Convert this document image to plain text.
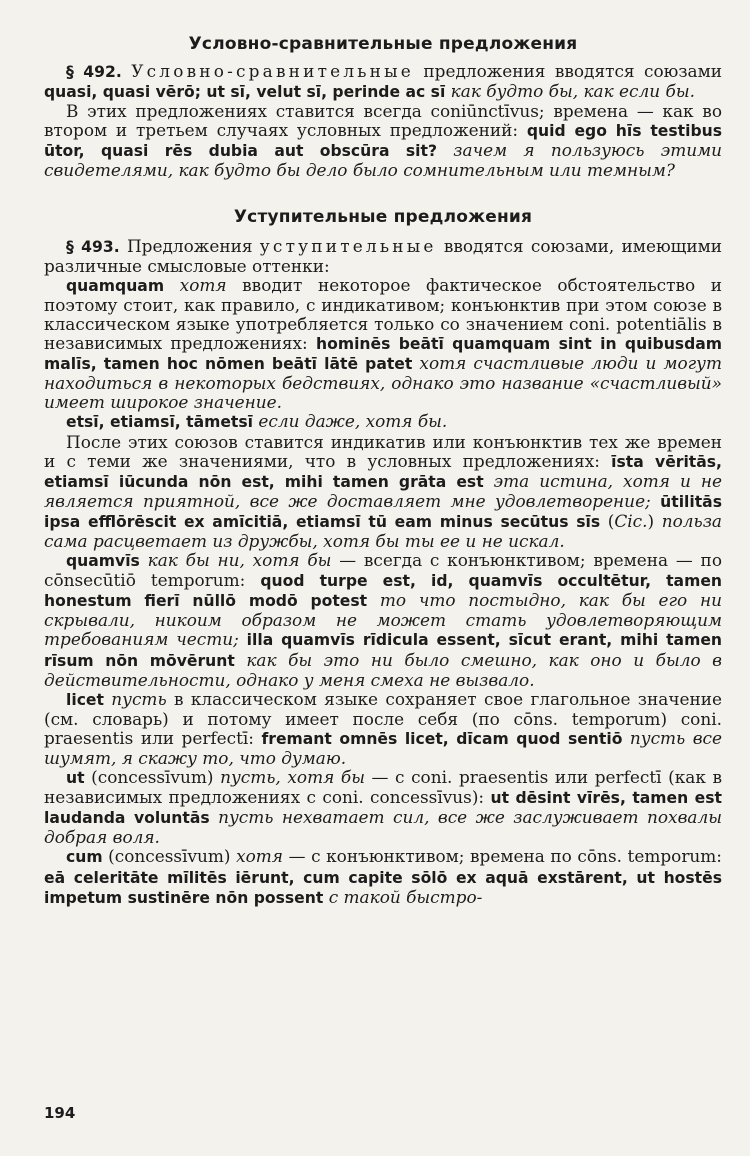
Условно-сравнительные предложения

§ 492. Условно-сравнительные предложения вводятся союзами quasi, quasi vērō; ut sī, velut sī, perinde ac sī как будто бы, как если бы.

В этих предложениях ставится всегда coniūnctīvus; времена — как во втором и третьем случаях условных предложений: quid ego hīs testibus ūtor, quasi rēs dubia aut obscūra sit? зачем я пользуюсь этими свидетелями, как будто бы дело было сомнительным или темным?

Уступительные предложения

§ 493. Предложения уступительные вводятся союзами, имеющими различные смысловые оттенки:

quamquam хотя вводит некоторое фактическое обстоятельство и поэтому стоит, как правило, с индикативом; конъюнктив при этом союзе в классическом языке употребляется только со значением coni. potentiālis в независимых предложениях: hominēs beātī quamquam sint in quibusdam malīs, tamen hoc nōmen beātī lātē patet хотя счастливые люди и могут находиться в некоторых бедствиях, однако это название «счастливый» имеет широкое значение.

etsī, etiamsī, tāmetsī если даже, хотя бы.

После этих союзов ставится индикатив или конъюнктив тех же времен и с теми же значениями, что в условных предложениях: īsta vēritās, etiamsī iūcunda nōn est, mihi tamen grāta est эта истина, хотя и не является приятной, все же доставляет мне удовлетворение; ūtilitās ipsa efflōrēscit ex amīcitiā, etiamsī tū eam minus secūtus sīs (Cic.) польза сама расцветает из дружбы, хотя бы ты ее и не искал.

quamvīs как бы ни, хотя бы — всегда с конъюнктивом; времена — по cōnsecūtiō temporum: quod turpe est, id, quamvīs occultētur, tamen honestum fierī nūllō modō potest то что постыдно, как бы его ни скрывали, никоим образом не может стать удовлетворяющим требованиям чести; illa quamvīs rīdicula essent, sīcut erant, mihi tamen rīsum nōn mōvērunt как бы это ни было смешно, как оно и было в действительности, однако у меня смеха не вызвало.

licet пусть в классическом языке сохраняет свое глагольное значение (см. словарь) и потому имеет после себя (по cōns. temporum) coni. praesentis или perfectī: fremant omnēs licet, dīcam quod sentiō пусть все шумят, я скажу то, что думаю.

ut (concessīvum) пусть, хотя бы — с coni. praesentis или perfectī (как в независимых предложениях с coni. concessīvus): ut dēsint vīrēs, tamen est laudanda voluntās пусть нехватает сил, все же заслуживает похвалы добрая воля.

cum (concessīvum) хотя — с конъюнктивом; времена по cōns. temporum: eā celeritāte mīlitēs iērunt, cum capite sōlō ex aquā exstārent, ut hostēs impetum sustinēre nōn possent с такой быстро-

194
